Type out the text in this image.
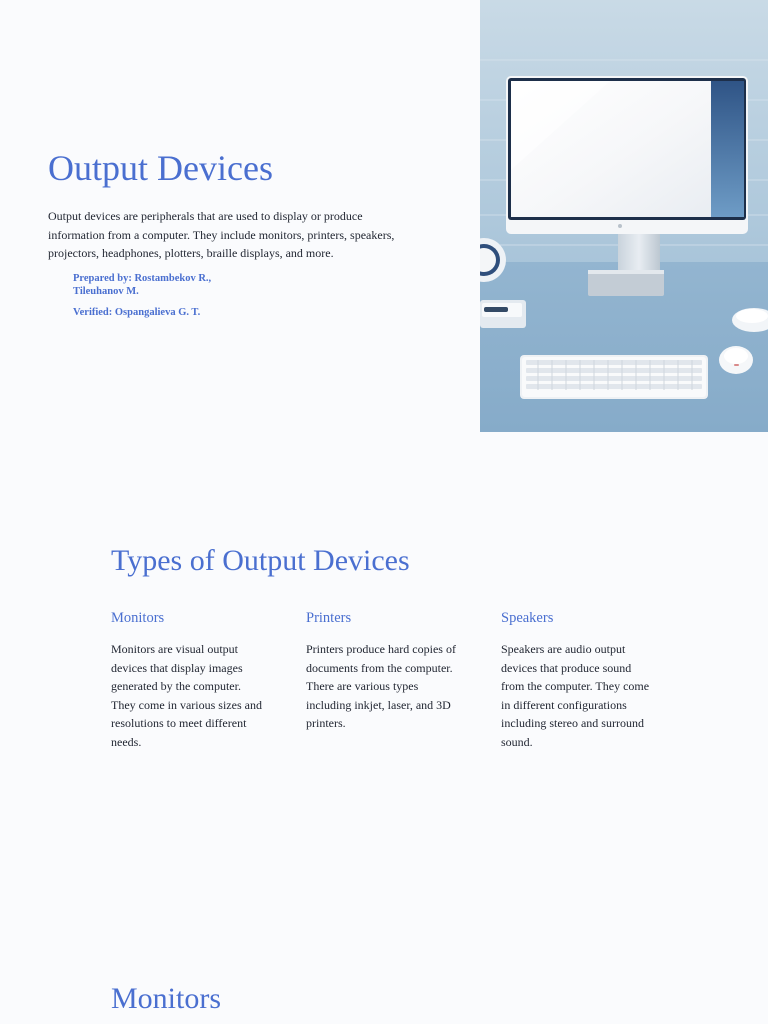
Output Devices

Output devices are peripherals that are used to display or produce information from a computer. They include monitors, printers, speakers, projectors, headphones, plotters, braille displays, and more.

Prepared by: Rostambekov R.,
Tileuhanov M.
Verified: Ospangalieva G. T.
Types of Output Devices
Monitors

Monitors are visual output devices that display images generated by the computer. They come in various sizes and resolutions to meet different needs.

Printers

Printers produce hard copies of documents from the computer. There are various types including inkjet, laser, and 3D printers.

Speakers

Speakers are audio output devices that produce sound from the computer. They come in different configurations including stereo and surround sound.

Monitors
